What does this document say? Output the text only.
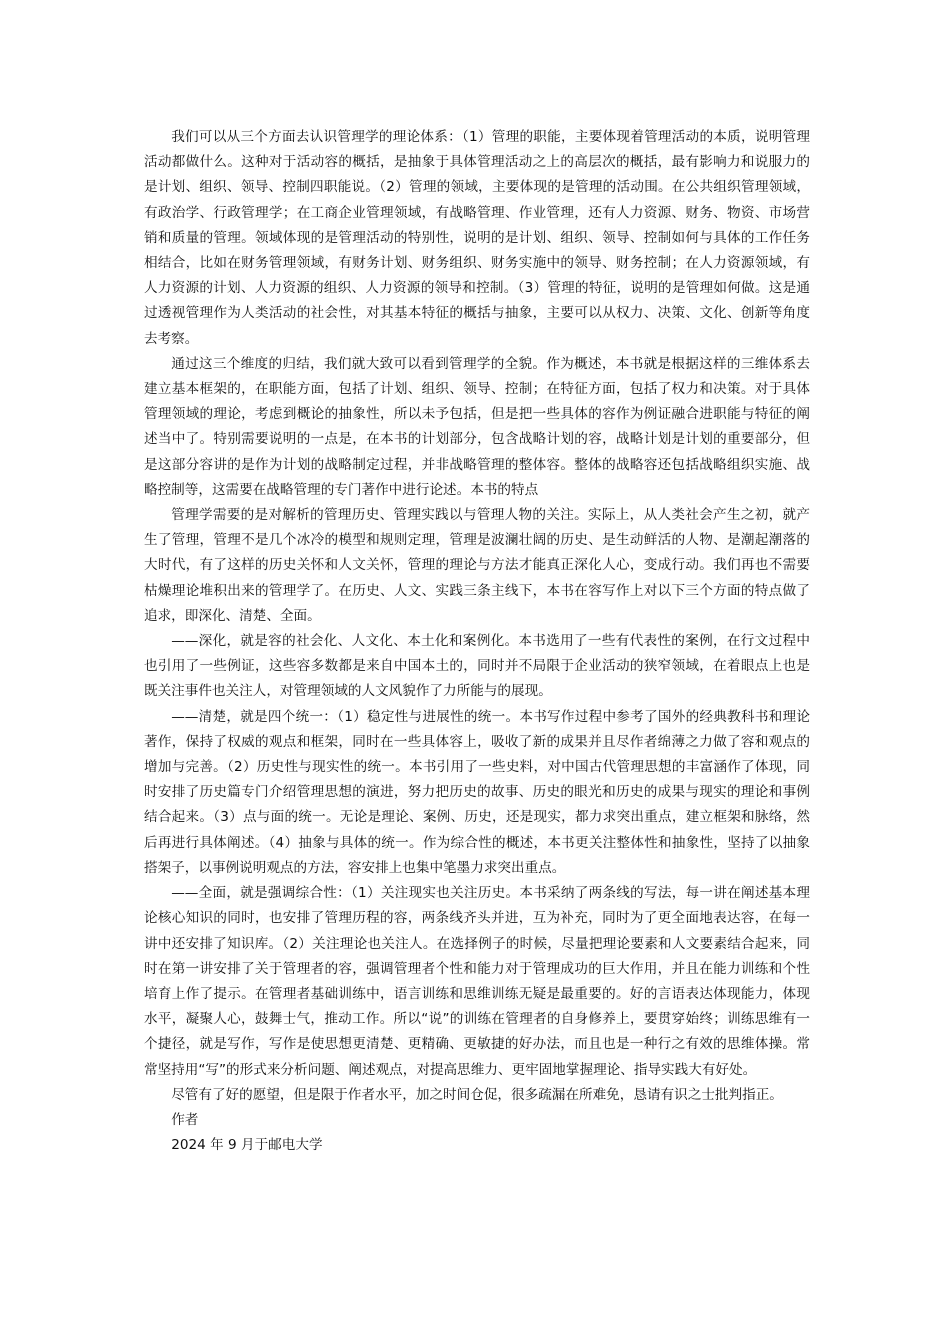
我们可以从三个方面去认识管理学的理论体系：（1）管理的职能，主要体现着管理活动的本质，说明管理活动都做什么。这种对于活动容的概括，是抽象于具体管理活动之上的高层次的概括，最有影响力和说服力的是计划、组织、领导、控制四职能说。（2）管理的领域，主要体现的是管理的活动围。在公共组织管理领域，有政治学、行政管理学；在工商企业管理领域，有战略管理、作业管理，还有人力资源、财务、物资、市场营销和质量的管理。领域体现的是管理活动的特别性，说明的是计划、组织、领导、控制如何与具体的工作任务相结合，比如在财务管理领域，有财务计划、财务组织、财务实施中的领导、财务控制；在人力资源领域，有人力资源的计划、人力资源的组织、人力资源的领导和控制。（3）管理的特征，说明的是管理如何做。这是通过透视管理作为人类活动的社会性，对其基本特征的概括与抽象，主要可以从权力、决策、文化、创新等角度去考察。

通过这三个维度的归结，我们就大致可以看到管理学的全貌。作为概述，本书就是根据这样的三维体系去建立基本框架的，在职能方面，包括了计划、组织、领导、控制；在特征方面，包括了权力和决策。对于具体管理领域的理论，考虑到概论的抽象性，所以未予包括，但是把一些具体的容作为例证融合进职能与特征的阐述当中了。特别需要说明的一点是，在本书的计划部分，包含战略计划的容，战略计划是计划的重要部分，但是这部分容讲的是作为计划的战略制定过程，并非战略管理的整体容。整体的战略容还包括战略组织实施、战略控制等，这需要在战略管理的专门著作中进行论述。本书的特点

管理学需要的是对解析的管理历史、管理实践以与管理人物的关注。实际上，从人类社会产生之初，就产生了管理，管理不是几个冰冷的模型和规则定理，管理是波澜壮阔的历史、是生动鲜活的人物、是潮起潮落的大时代，有了这样的历史关怀和人文关怀，管理的理论与方法才能真正深化人心，变成行动。我们再也不需要枯燥理论堆积出来的管理学了。在历史、人文、实践三条主线下，本书在容写作上对以下三个方面的特点做了追求，即深化、清楚、全面。

——深化，就是容的社会化、人文化、本土化和案例化。本书选用了一些有代表性的案例，在行文过程中也引用了一些例证，这些容多数都是来自中国本土的，同时并不局限于企业活动的狭窄领域，在着眼点上也是既关注事件也关注人，对管理领域的人文风貌作了力所能与的展现。

——清楚，就是四个统一：（1）稳定性与进展性的统一。本书写作过程中参考了国外的经典教科书和理论著作，保持了权威的观点和框架，同时在一些具体容上，吸收了新的成果并且尽作者绵薄之力做了容和观点的增加与完善。（2）历史性与现实性的统一。本书引用了一些史料，对中国古代管理思想的丰富涵作了体现，同时安排了历史篇专门介绍管理思想的演进，努力把历史的故事、历史的眼光和历史的成果与现实的理论和事例结合起来。（3）点与面的统一。无论是理论、案例、历史，还是现实，都力求突出重点，建立框架和脉络，然后再进行具体阐述。（4）抽象与具体的统一。作为综合性的概述，本书更关注整体性和抽象性，坚持了以抽象搭架子，以事例说明观点的方法，容安排上也集中笔墨力求突出重点。

——全面，就是强调综合性：（1）关注现实也关注历史。本书采纳了两条线的写法，每一讲在阐述基本理论核心知识的同时，也安排了管理历程的容，两条线齐头并进，互为补充，同时为了更全面地表达容，在每一讲中还安排了知识库。（2）关注理论也关注人。在选择例子的时候，尽量把理论要素和人文要素结合起来，同时在第一讲安排了关于管理者的容，强调管理者个性和能力对于管理成功的巨大作用，并且在能力训练和个性培育上作了提示。在管理者基础训练中，语言训练和思维训练无疑是最重要的。好的言语表达体现能力，体现水平，凝聚人心，鼓舞士气，推动工作。所以“说”的训练在管理者的自身修养上，要贯穿始终；训练思维有一个捷径，就是写作，写作是使思想更清楚、更精确、更敏捷的好办法，而且也是一种行之有效的思维体操。常常坚持用“写”的形式来分析问题、阐述观点，对提高思维力、更牢固地掌握理论、指导实践大有好处。

尽管有了好的愿望，但是限于作者水平，加之时间仓促，很多疏漏在所难免，恳请有识之士批判指正。

作者

2024 年 9 月于邮电大学
